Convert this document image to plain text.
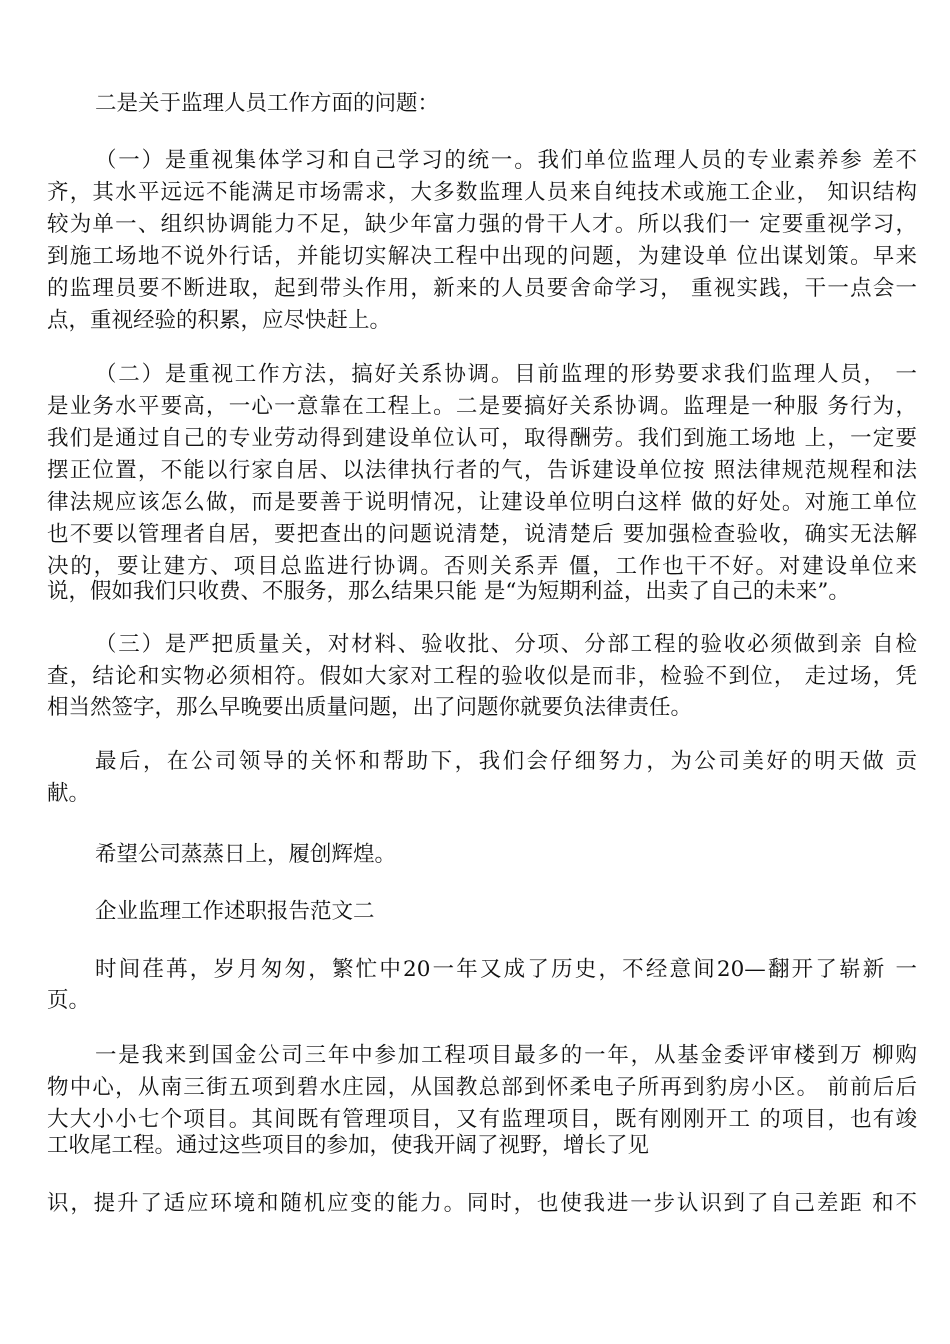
二是关于监理人员工作方面的问题：
（一）是重视集体学习和自己学习的统一。我们单位监理人员的专业素养参 差不
齐，其水平远远不能满足市场需求，大多数监理人员来自纯技术或施工企业， 知识结构
较为单一、组织协调能力不足，缺少年富力强的骨干人才。所以我们一 定要重视学习，
到施工场地不说外行话，并能切实解决工程中出现的问题，为建设单 位出谋划策。早来
的监理员要不断进取，起到带头作用，新来的人员要舍命学习， 重视实践，干一点会一
点，重视经验的积累，应尽快赶上。
（二）是重视工作方法，搞好关系协调。目前监理的形势要求我们监理人员， 一
是业务水平要高，一心一意靠在工程上。二是要搞好关系协调。监理是一种服 务行为，
我们是通过自己的专业劳动得到建设单位认可，取得酬劳。我们到施工场地 上，一定要
摆正位置，不能以行家自居、以法律执行者的气，告诉建设单位按 照法律规范规程和法
律法规应该怎么做，而是要善于说明情况，让建设单位明白这样 做的好处。对施工单位
也不要以管理者自居，要把查出的问题说清楚，说清楚后 要加强检查验收，确实无法解
决的，要让建方、项目总监进行协调。否则关系弄 僵，工作也干不好。对建设单位来
说，假如我们只收费、不服务，那么结果只能 是“为短期利益，出卖了自己的未来”。
（三）是严把质量关，对材料、验收批、分项、分部工程的验收必须做到亲 自检
查，结论和实物必须相符。假如大家对工程的验收似是而非，检验不到位， 走过场，凭
相当然签字，那么早晚要出质量问题，出了问题你就要负法律责任。
最后，在公司领导的关怀和帮助下，我们会仔细努力，为公司美好的明天做 贡
献。
希望公司蒸蒸日上，履创辉煌。
企业监理工作述职报告范文二
时间荏苒，岁月匆匆，繁忙中20一年又成了历史，不经意间20—翻开了崭新 一
页。
一是我来到国金公司三年中参加工程项目最多的一年，从基金委评审楼到万 柳购
物中心，从南三街五项到碧水庄园，从国教总部到怀柔电子所再到豹房小区。 前前后后
大大小小七个项目。其间既有管理项目，又有监理项目，既有刚刚开工 的项目，也有竣
工收尾工程。通过这些项目的参加，使我开阔了视野，增长了见
识，提升了适应环境和随机应变的能力。同时，也使我进一步认识到了自己差距 和不
